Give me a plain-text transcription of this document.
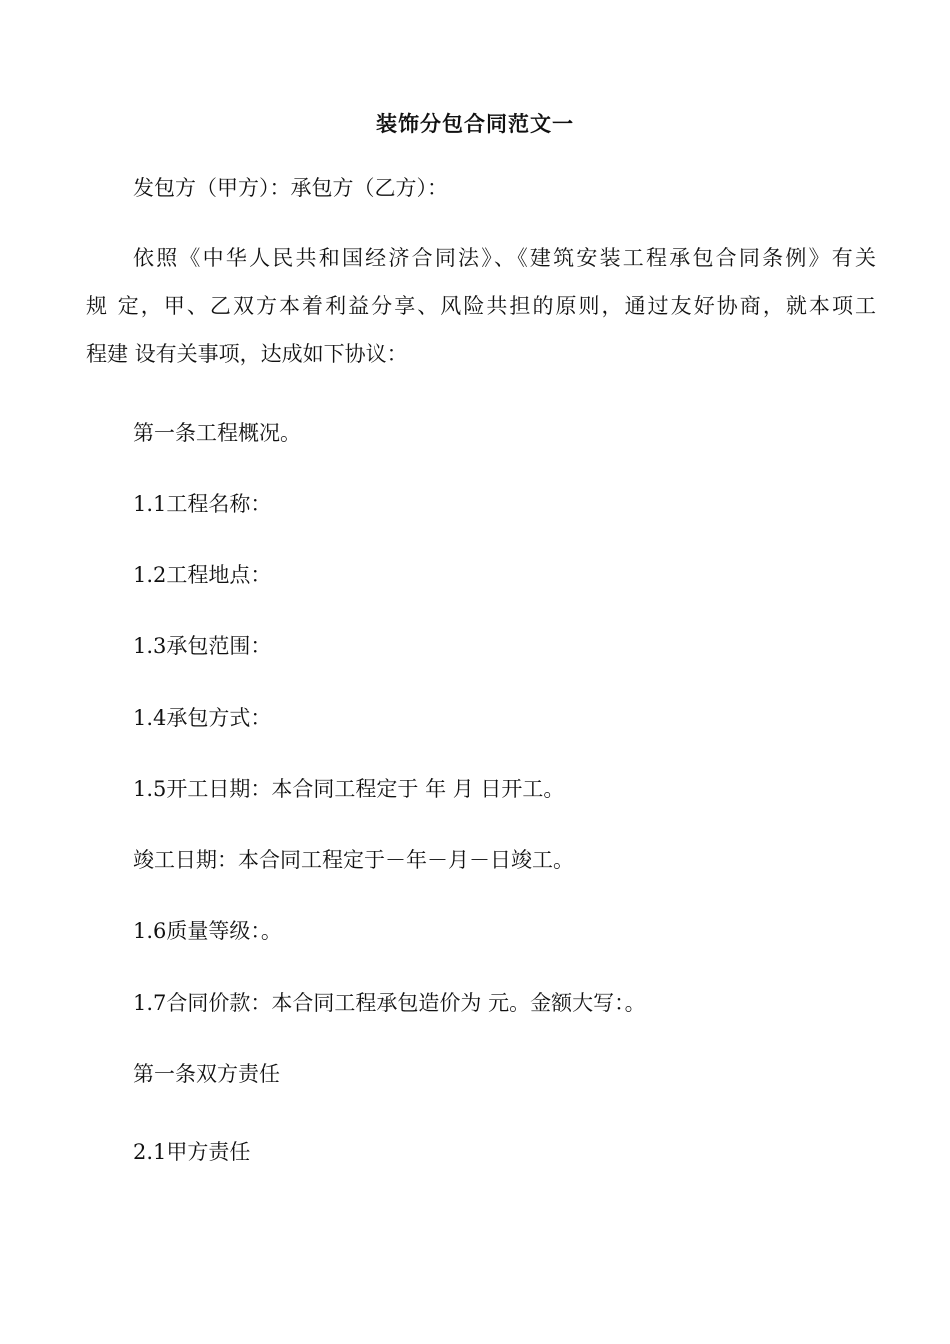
装饰分包合同范文一
发包方（甲方）：承包方（乙方）：
依照《中华人民共和国经济合同法》、《建筑安装工程承包合同条例》有关
规 定，甲、乙双方本着利益分享、风险共担的原则，通过友好协商，就本项工
程建 设有关事项，达成如下协议：
第一条工程概况。
1.1工程名称：
1.2工程地点：
1.3承包范围：
1.4承包方式：
1.5开工日期：本合同工程定于 年 月 日开工。
竣工日期：本合同工程定于－年－月－日竣工。
1.6质量等级：。
1.7合同价款：本合同工程承包造价为 元。金额大写：。
第一条双方责任
2.1甲方责任
